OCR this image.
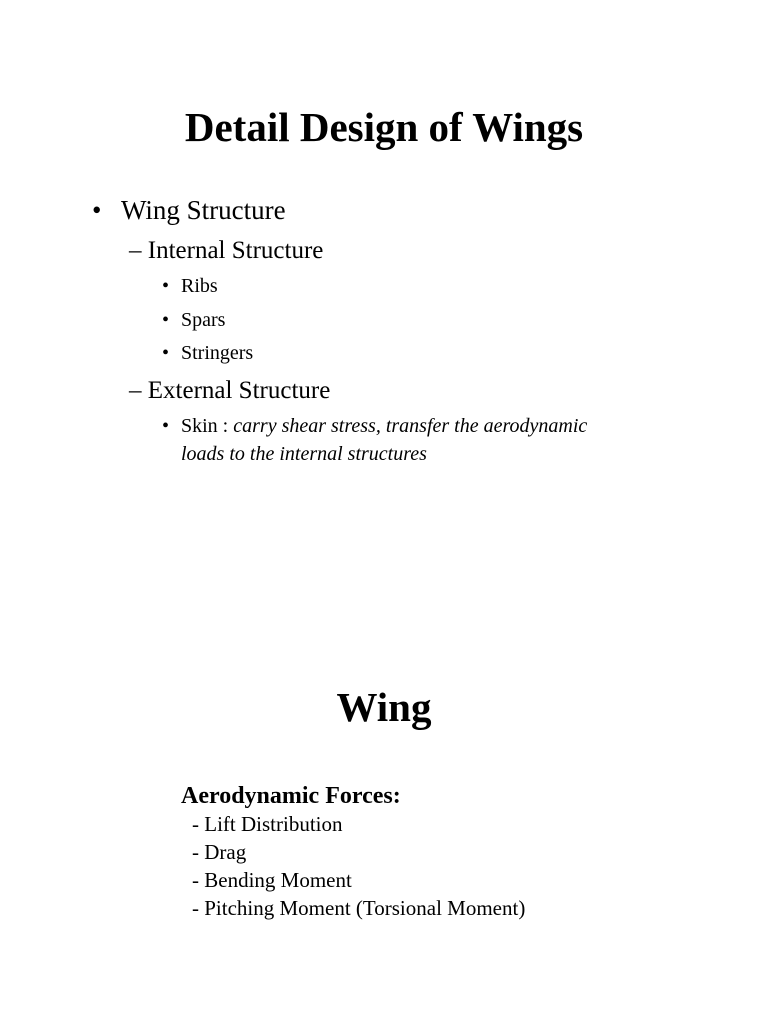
Detail Design of Wings
• Wing Structure
– Internal Structure
• Ribs
• Spars
• Stringers
– External Structure
• Skin : carry shear stress, transfer the aerodynamic
loads to the internal structures
Wing
Aerodynamic Forces:
- Lift Distribution
- Drag
- Bending Moment
- Pitching Moment (Torsional Moment)
